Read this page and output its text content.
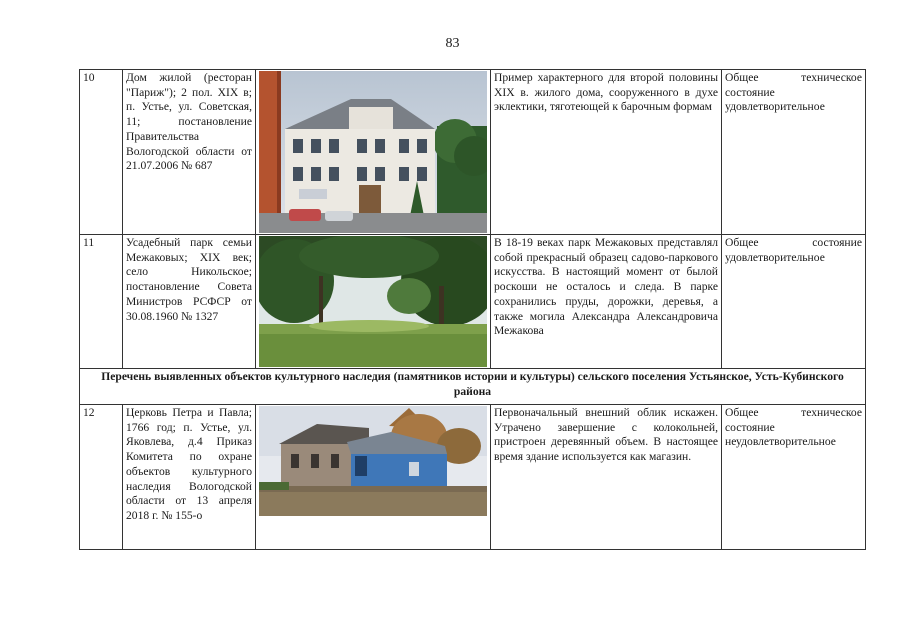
83
10	Дом жилой (ресторан "Париж"); 2 пол. XIX в; п. Устье, ул. Советская, 11; постановление Правительства Вологодской области от 21.07.2006 № 687		Пример характерного для второй половины XIX в. жилого дома, сооруженного в духе эклектики, тяготеющей к барочным формам	Общее техническое состояние удовлетворительное
11	Усадебный парк семьи Межаковых; XIX век; село Никольское; постановление Совета Министров РСФСР от 30.08.1960 № 1327		В 18-19 веках парк Межаковых представлял собой прекрасный образец садово-паркового искусства. В настоящий момент от былой роскоши не осталось и следа. В парке сохранились пруды, дорожки, деревья, а также могила Александра Александровича Межакова	Общее состояние удовлетворительное
Перечень выявленных объектов культурного наследия (памятников истории и культуры) сельского поселения Устьянское, Усть-Кубинского района				
12	Церковь Петра и Павла; 1766 год; п. Устье, ул. Яковлева, д.4 Приказ Комитета по охране объектов культурного наследия Вологодской области от 13 апреля 2018 г. № 155-о		Первоначальный внешний облик искажен. Утрачено завершение с колокольней, пристроен деревянный объем. В настоящее время здание используется как магазин.	Общее техническое состояние неудовлетворительное
